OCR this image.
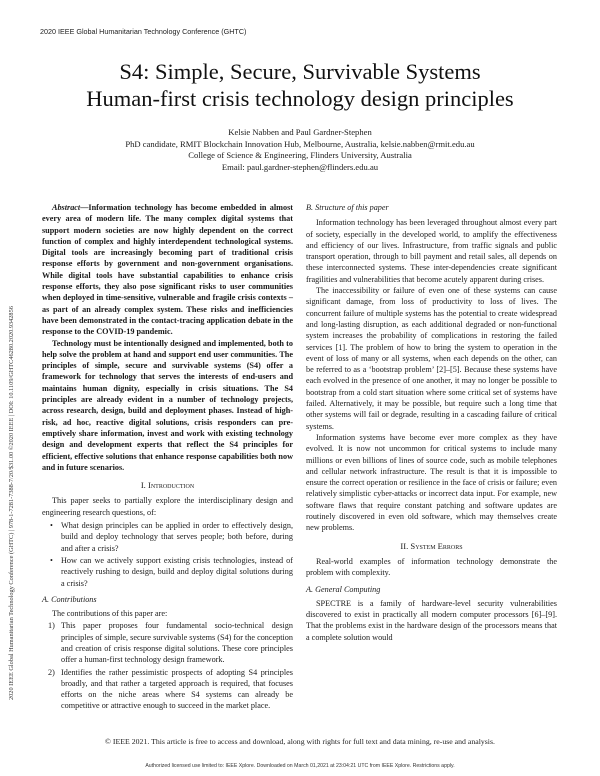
2020 IEEE Global Humanitarian Technology Conference (GHTC)
S4: Simple, Secure, Survivable Systems
Human-first crisis technology design principles
Kelsie Nabben and Paul Gardner-Stephen
PhD candidate, RMIT Blockchain Innovation Hub, Melbourne, Australia, kelsie.nabben@rmit.edu.au
College of Science & Engineering, Flinders University, Australia
Email: paul.gardner-stephen@flinders.edu.au

Abstract—Information technology has become embedded in almost every area of modern life. The many complex digital systems that support modern societies are now highly dependent on the correct function of complex and highly interdependent technological systems. Digital tools are increasingly becoming part of traditional crisis response efforts by government and non-government organisations. While digital tools have substantial capabilities to enhance crisis response efforts, they also pose significant risks to user communities when deployed in time-sensitive, vulnerable and fragile crisis contexts – as part of an already complex system. These risks and inefficiencies have been demonstrated in the contact-tracing application debate in the response to the COVID-19 pandemic.

Technology must be intentionally designed and implemented, both to help solve the problem at hand and support end user communities. The principles of simple, secure and survivable systems (S4) offer a framework for technology that serves the interests of end-users and maintains human dignity, especially in crisis situations. The S4 principles are already evident in a number of technology projects, across research, design, build and deployment phases. Instead of high-risk, ad hoc, reactive digital solutions, crisis responders can pre-emptively share information, invest and work with existing technology design and development experts that reflect the S4 principles for efficient, effective solutions that enhance response capabilities both now and in future scenarios.

I. Introduction

This paper seeks to partially explore the interdisciplinary design and engineering research questions, of:

• What design principles can be applied in order to effectively design, build and deploy technology that serves people; both before, during and after a crisis?
• How can we actively support existing crisis technologies, instead of reactively rushing to design, build and deploy digital solutions during a crisis?
A. Contributions

The contributions of this paper are:

1) This paper proposes four fundamental socio-technical design principles of simple, secure survivable systems (S4) for the conception and creation of crisis response digital solutions. These core principles offer a human-first technology design framework.
2) Identifies the rather pessimistic prospects of adopting S4 principles broadly, and that rather a targeted approach is required, that focuses efforts on the niche areas where S4 systems can already be competitive or attractive enough to succeed in the market place.
B. Structure of this paper

Information technology has been leveraged throughout almost every part of society, especially in the developed world, to amplify the effectiveness and efficiency of our lives. Infrastructure, from traffic signals and public transport operation, through to bill payment and retail sales, all depends on these interconnected systems. These inter-dependencies create significant fragilities and vulnerabilities that become acutely apparent during crises.

The inaccessibility or failure of even one of these systems can cause significant damage, from loss of productivity to loss of lives. The concurrent failure of multiple systems has the potential to create widespread and long-lasting disruption, as each additional degraded or non-functional system increases the probability of complications in restoring the failed services [1]. The problem of how to bring the system to operation in the event of loss of many or all systems, when each depends on the other, can be referred to as a ‘bootstrap problem’ [2]–[5]. Because these systems have each evolved in the presence of one another, it may no longer be possible to bootstrap from a cold start situation where some critical set of systems have failed. Alternatively, it may be possible, but require such a long time that other systems will fail or degrade, resulting in a cascading failure of critical systems.

Information systems have become ever more complex as they have evolved. It is now not uncommon for critical systems to include many millions or even billions of lines of source code, such as mobile telephones and cellular network infrastructure. The result is that it is impossible to ensure the correct operation or resilience in the face of crisis or failure; even relatively simplistic cyber-attacks or incorrect data input. For example, new software flaws that require constant patching and software updates are routinely discovered in even old software, which may themselves create new problems.

II. System Errors

Real-world examples of information technology demonstrate the problem with complexity.

A. General Computing

SPECTRE is a family of hardware-level security vulnerabilities discovered to exist in practically all modern computer processors [6]–[9]. That the problems exist in the hardware design of the processors means that a complete solution would

2020 IEEE Global Humanitarian Technology Conference (GHTC) | 978-1-7281-7388-7/20/$31.00 ©2020 IEEE | DOI: 10.1109/GHTC46280.2020.9342856
© IEEE 2021. This article is free to access and download, along with rights for full text and data mining, re-use and analysis.
Authorized licensed use limited to: IEEE Xplore. Downloaded on March 01,2021 at 23:04:21 UTC from IEEE Xplore. Restrictions apply.
